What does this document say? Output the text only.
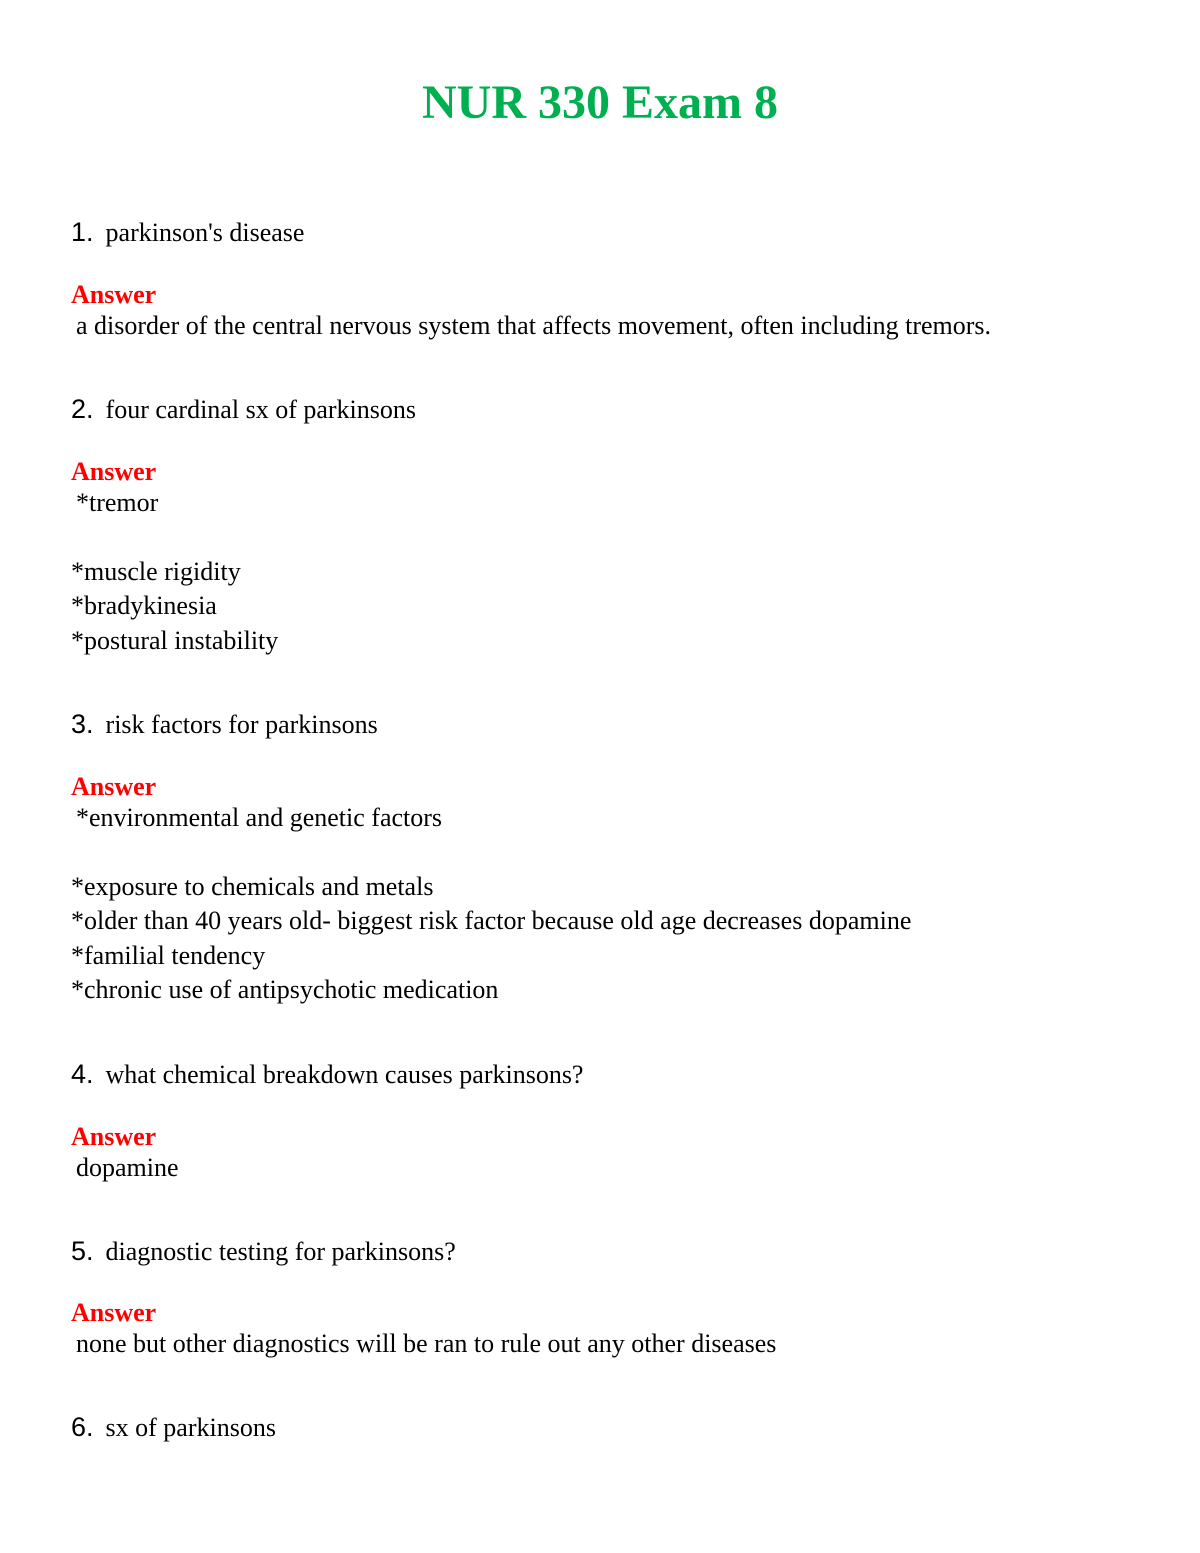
NUR 330 Exam 8
1. parkinson's disease
Answer
a disorder of the central nervous system that affects movement, often including tremors.
2. four cardinal sx of parkinsons
Answer
*tremor
*muscle rigidity
*bradykinesia
*postural instability
3. risk factors for parkinsons
Answer
*environmental and genetic factors
*exposure to chemicals and metals
*older than 40 years old- biggest risk factor because old age decreases dopamine
*familial tendency
*chronic use of antipsychotic medication
4. what chemical breakdown causes parkinsons?
Answer
dopamine
5. diagnostic testing for parkinsons?
Answer
none but other diagnostics will be ran to rule out any other diseases
6. sx of parkinsons
